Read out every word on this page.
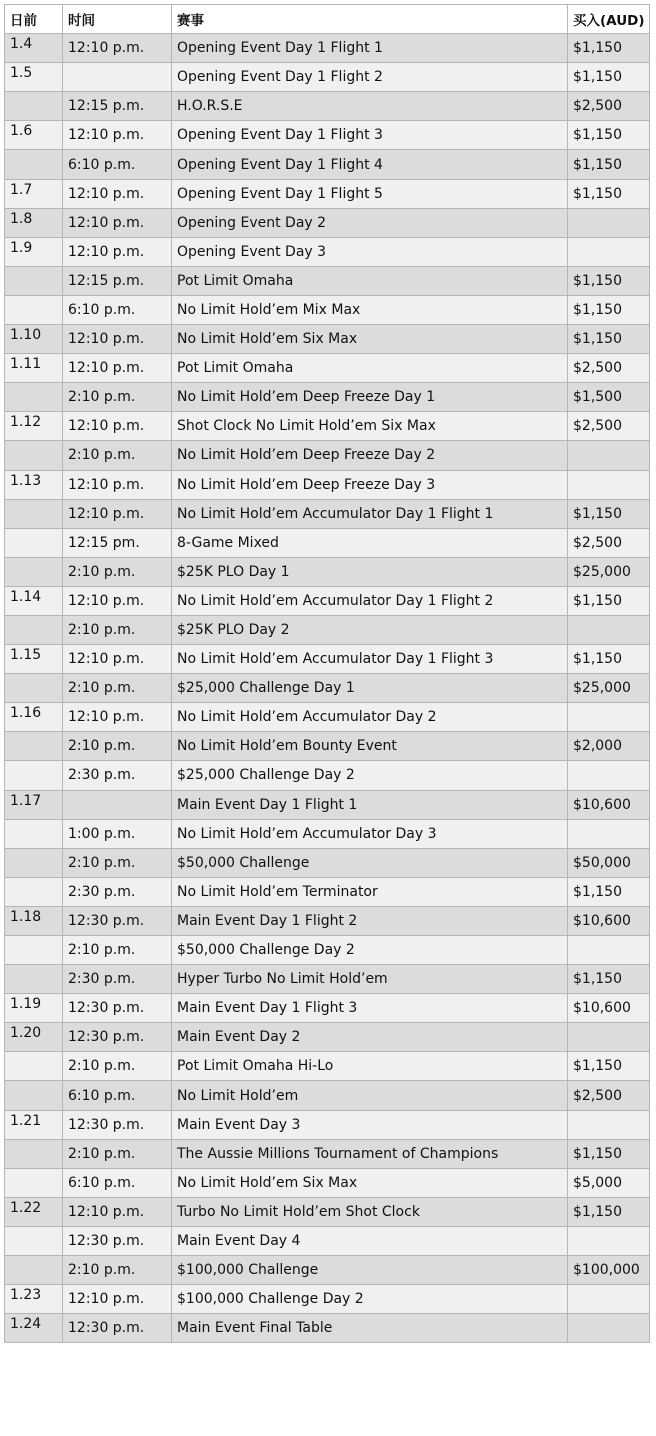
日前	时间	赛事	买入(AUD)
1.4	12:10 p.m.	Opening Event Day 1 Flight 1	$1,150
1.5		Opening Event Day 1 Flight 2	$1,150
	12:15 p.m.	H.O.R.S.E	$2,500
1.6	12:10 p.m.	Opening Event Day 1 Flight 3	$1,150
	6:10 p.m.	Opening Event Day 1 Flight 4	$1,150
1.7	12:10 p.m.	Opening Event Day 1 Flight 5	$1,150
1.8	12:10 p.m.	Opening Event Day 2	
1.9	12:10 p.m.	Opening Event Day 3	
	12:15 p.m.	Pot Limit Omaha	$1,150
	6:10 p.m.	No Limit Hold’em Mix Max	$1,150
1.10	12:10 p.m.	No Limit Hold’em Six Max	$1,150
1.11	12:10 p.m.	Pot Limit Omaha	$2,500
	2:10 p.m.	No Limit Hold’em Deep Freeze Day 1	$1,500
1.12	12:10 p.m.	Shot Clock No Limit Hold’em Six Max	$2,500
	2:10 p.m.	No Limit Hold’em Deep Freeze Day 2	
1.13	12:10 p.m.	No Limit Hold’em Deep Freeze Day 3	
	12:10 p.m.	No Limit Hold’em Accumulator Day 1 Flight 1	$1,150
	12:15 pm.	8-Game Mixed	$2,500
	2:10 p.m.	$25K PLO Day 1	$25,000
1.14	12:10 p.m.	No Limit Hold’em Accumulator Day 1 Flight 2	$1,150
	2:10 p.m.	$25K PLO Day 2	
1.15	12:10 p.m.	No Limit Hold’em Accumulator Day 1 Flight 3	$1,150
	2:10 p.m.	$25,000 Challenge Day 1	$25,000
1.16	12:10 p.m.	No Limit Hold’em Accumulator Day 2	
	2:10 p.m.	No Limit Hold’em Bounty Event	$2,000
	2:30 p.m.	$25,000 Challenge Day 2	
1.17		Main Event Day 1 Flight 1	$10,600
	1:00 p.m.	No Limit Hold’em Accumulator Day 3	
	2:10 p.m.	$50,000 Challenge	$50,000
	2:30 p.m.	No Limit Hold’em Terminator	$1,150
1.18	12:30 p.m.	Main Event Day 1 Flight 2	$10,600
	2:10 p.m.	$50,000 Challenge Day 2	
	2:30 p.m.	Hyper Turbo No Limit Hold’em	$1,150
1.19	12:30 p.m.	Main Event Day 1 Flight 3	$10,600
1.20	12:30 p.m.	Main Event Day 2	
	2:10 p.m.	Pot Limit Omaha Hi-Lo	$1,150
	6:10 p.m.	No Limit Hold’em	$2,500
1.21	12:30 p.m.	Main Event Day 3	
	2:10 p.m.	The Aussie Millions Tournament of Champions	$1,150
	6:10 p.m.	No Limit Hold’em Six Max	$5,000
1.22	12:10 p.m.	Turbo No Limit Hold’em Shot Clock	$1,150
	12:30 p.m.	Main Event Day 4	
	2:10 p.m.	$100,000 Challenge	$100,000
1.23	12:10 p.m.	$100,000 Challenge Day 2	
1.24	12:30 p.m.	Main Event Final Table	
